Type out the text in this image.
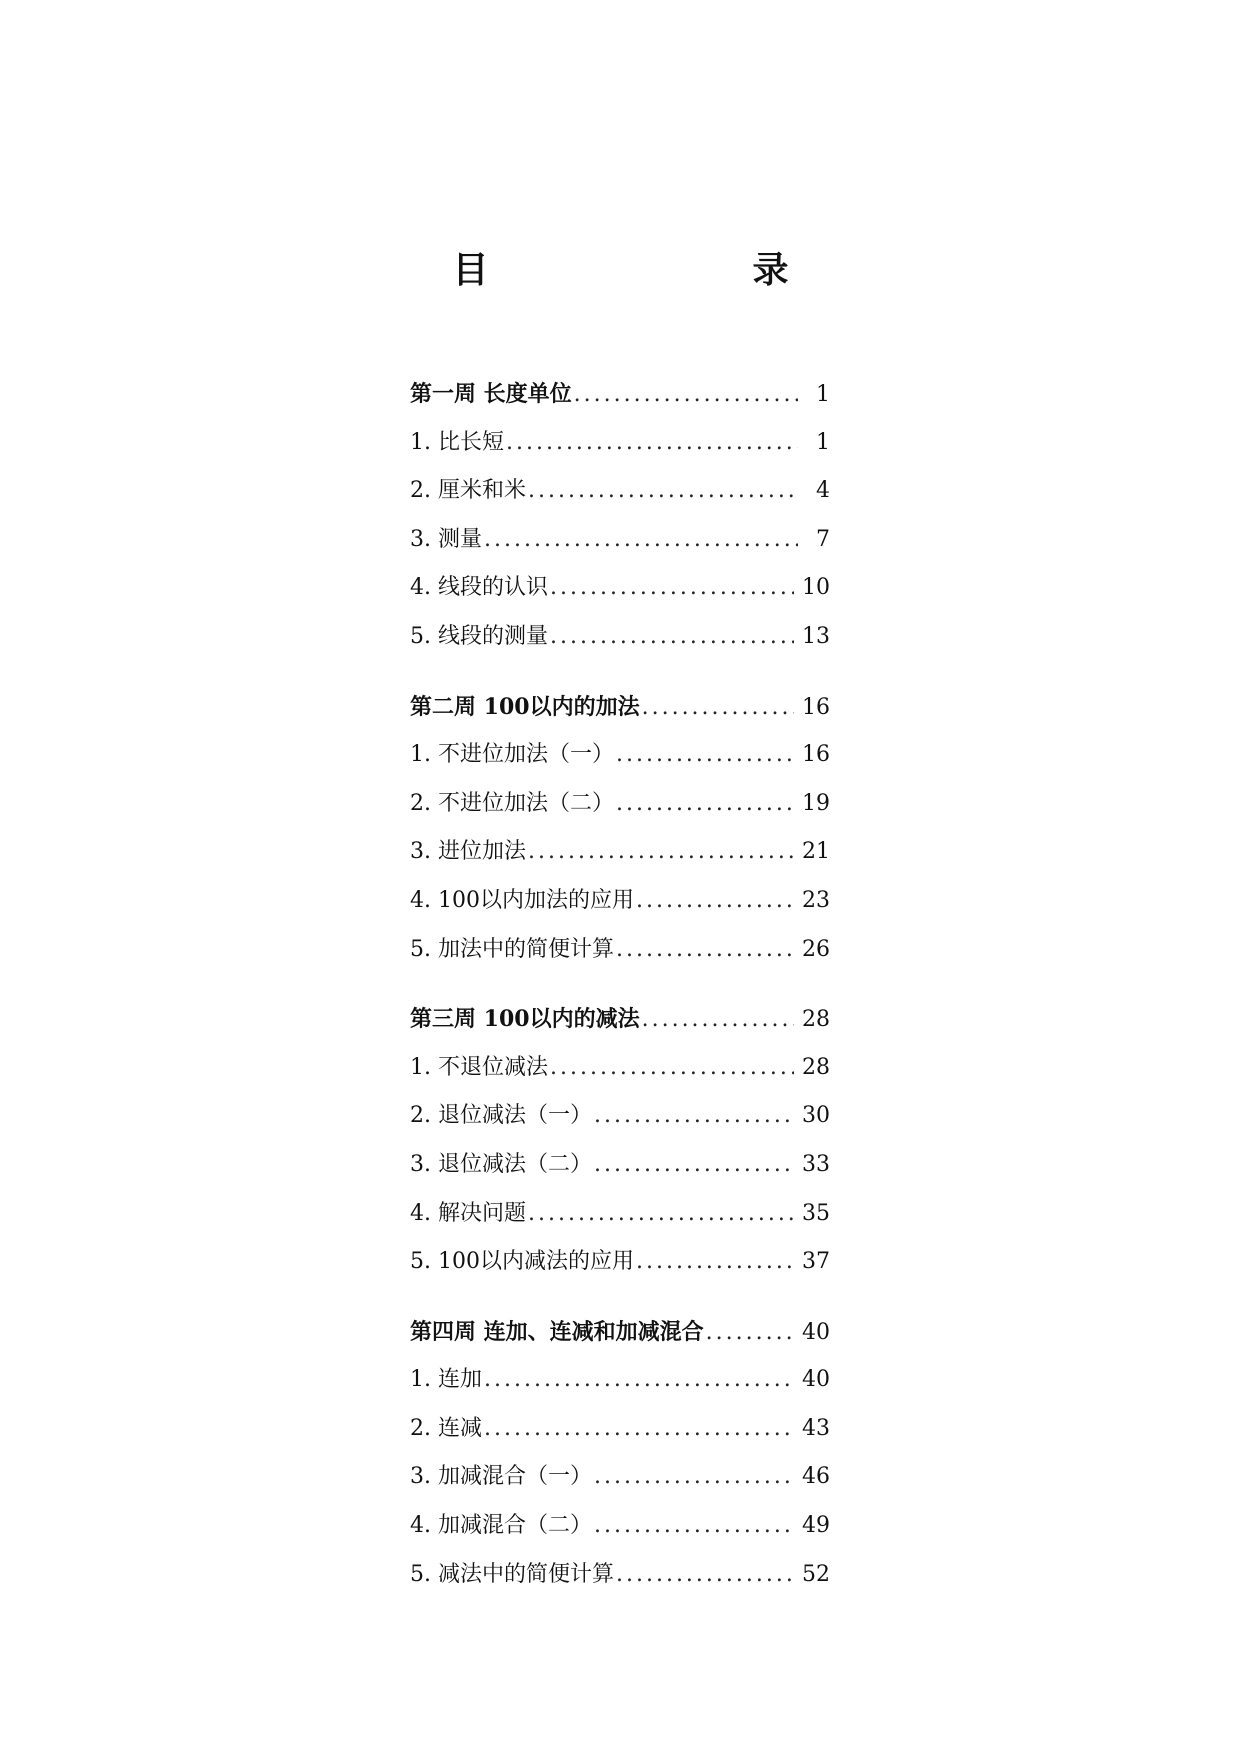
目　　录
第一周 长度单位 .....	1
1. 比长短 .....	1
2. 厘米和米 .....	4
3. 测量 .....	7
4. 线段的认识 .....	10
5. 线段的测量 .....	13
第二周 100以内的加法 .....	16
1. 不进位加法（一） .....	16
2. 不进位加法（二） .....	19
3. 进位加法 .....	21
4. 100以内加法的应用 .....	23
5. 加法中的简便计算 .....	26
第三周 100以内的减法 .....	28
1. 不退位减法 .....	28
2. 退位减法（一） .....	30
3. 退位减法（二） .....	33
4. 解决问题 .....	35
5. 100以内减法的应用 .....	37
第四周 连加、连减和加减混合 .....	40
1. 连加 .....	40
2. 连减 .....	43
3. 加减混合（一） .....	46
4. 加减混合（二） .....	49
5. 减法中的简便计算 .....	52
